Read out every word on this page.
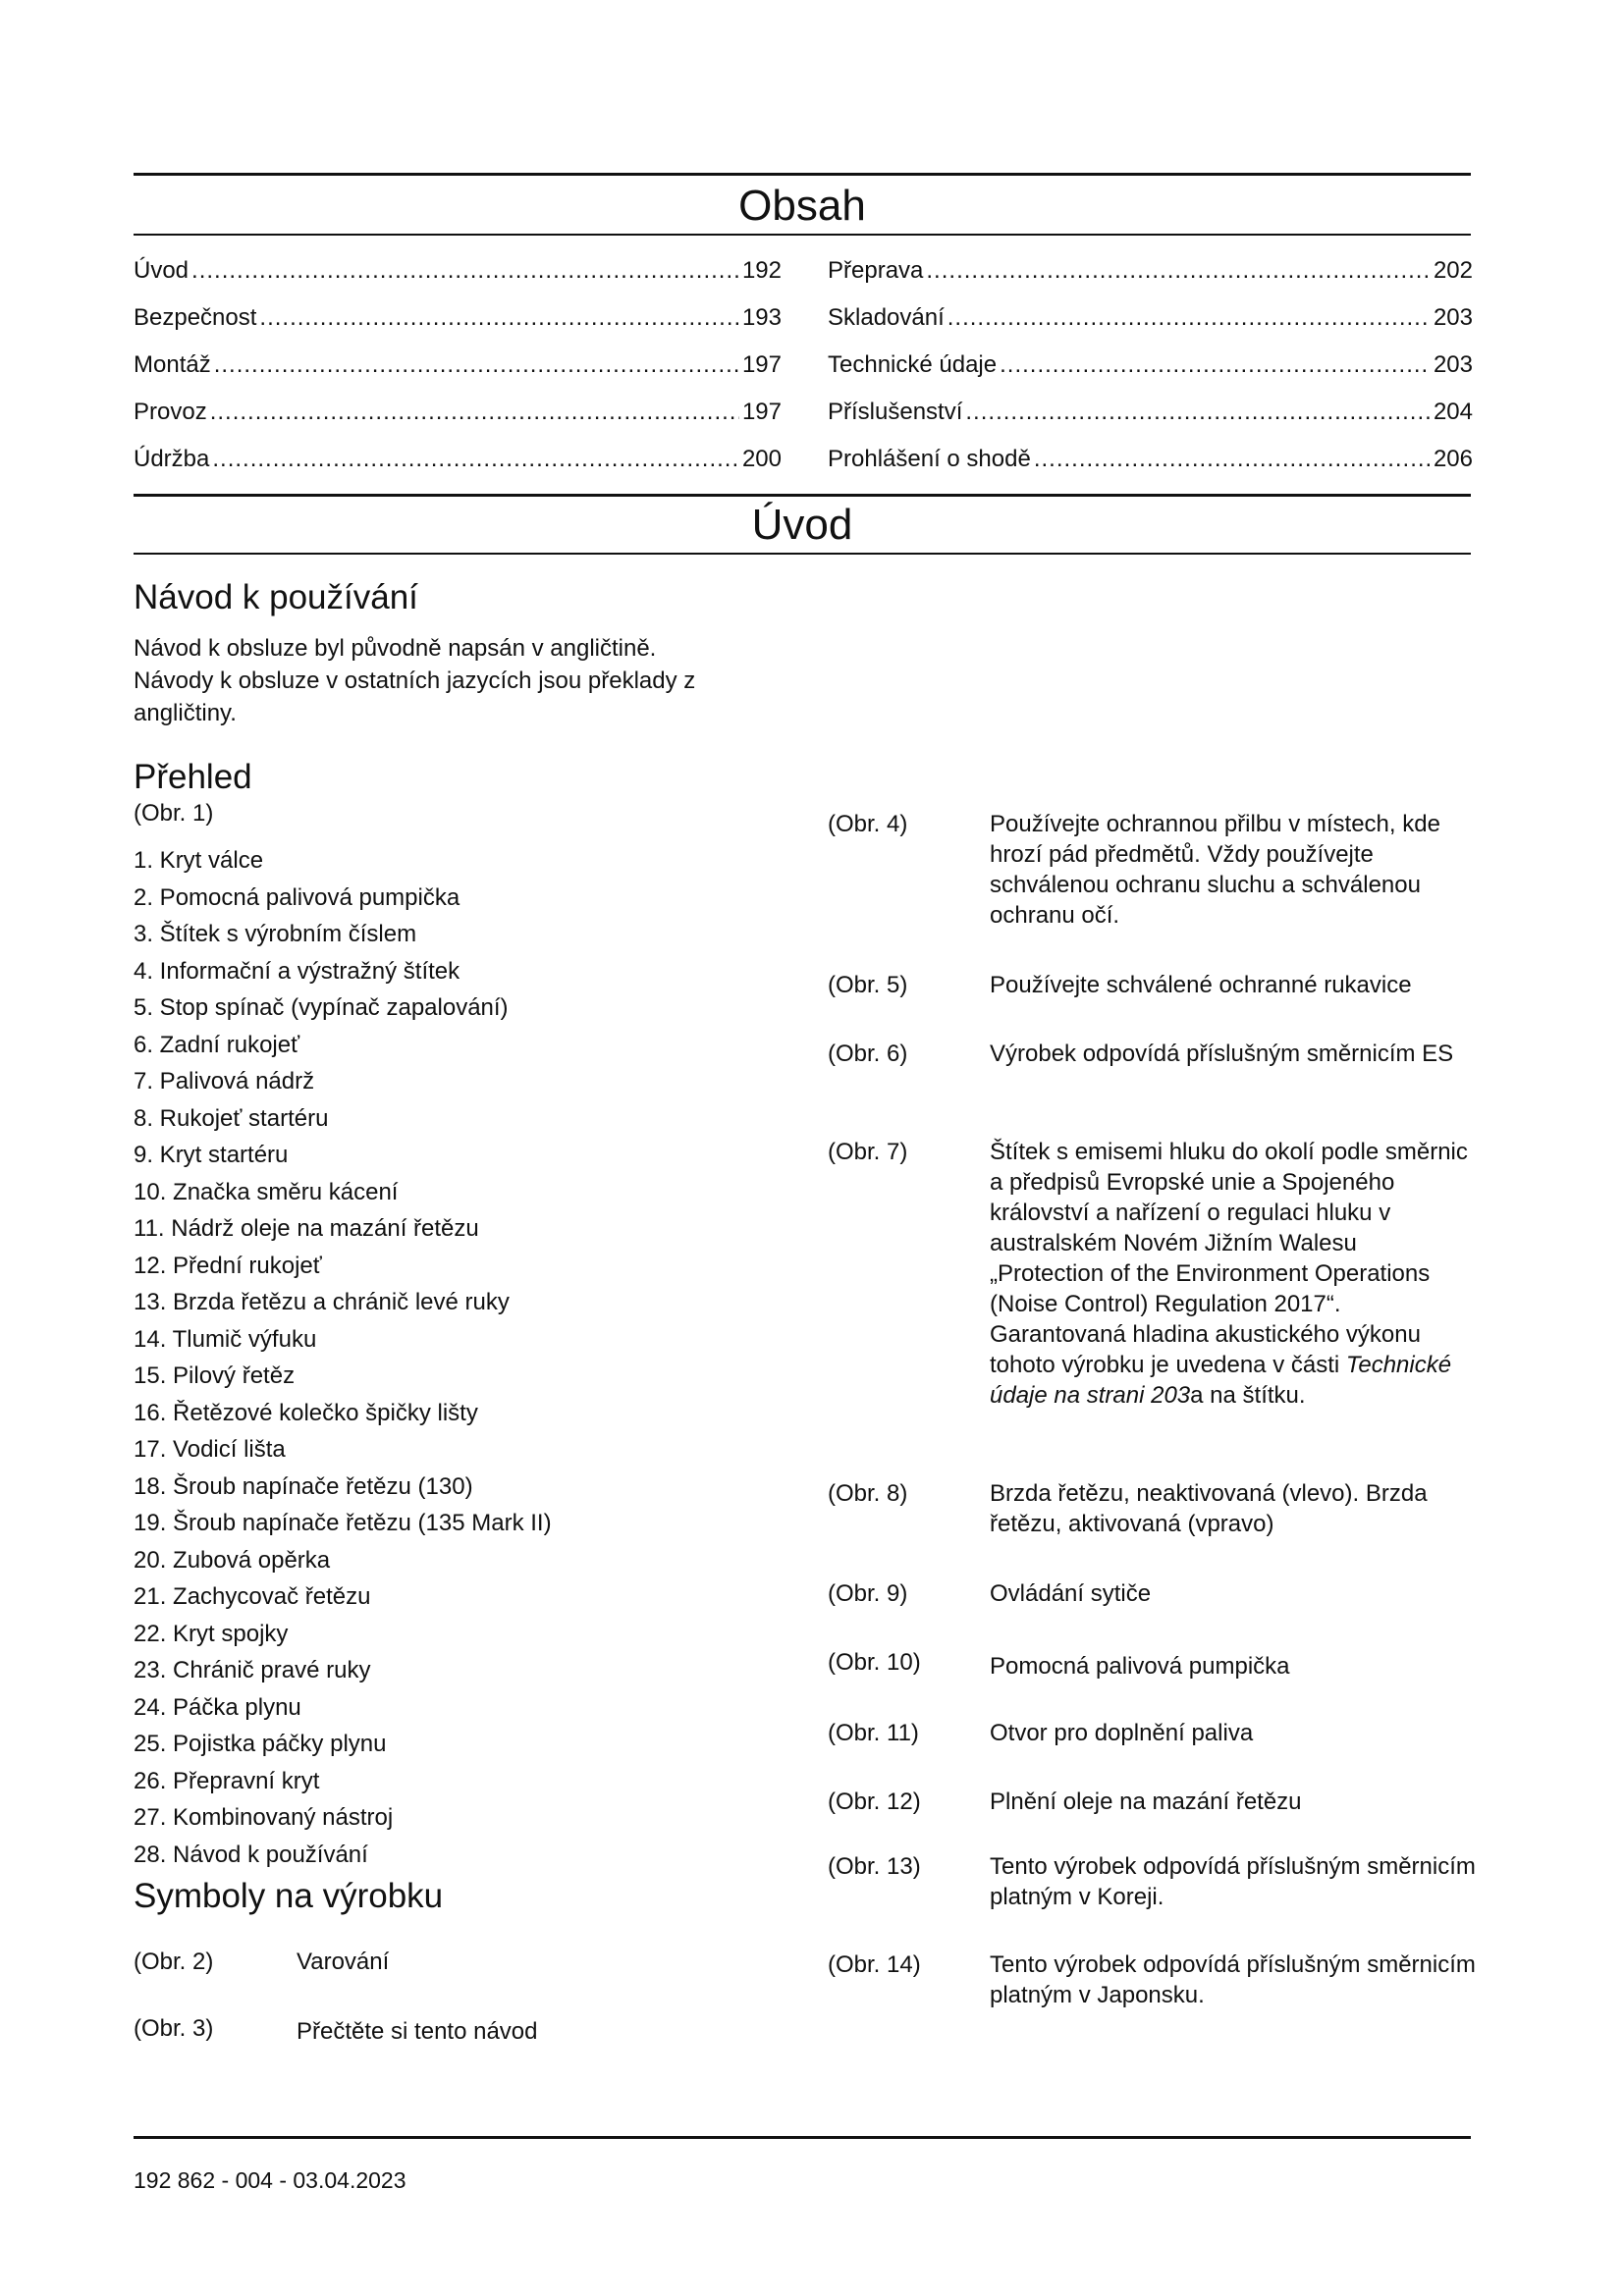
Obsah
Úvod .....	192
Bezpečnost .....	193
Montáž .....	197
Provoz .....	197
Údržba .....	200
Přeprava .....	202
Skladování .....	203
Technické údaje .....	203
Příslušenství .....	204
Prohlášení o shodě .....	206
Úvod
Návod k používání

Návod k obsluze byl původně napsán v angličtině. Návody k obsluze v ostatních jazycích jsou překlady z angličtiny.

Přehled
(Obr. 1)
1. Kryt válce
2. Pomocná palivová pumpička
3. Štítek s výrobním číslem
4. Informační a výstražný štítek
5. Stop spínač (vypínač zapalování)
6. Zadní rukojeť
7. Palivová nádrž
8. Rukojeť startéru
9. Kryt startéru
10. Značka směru kácení
11. Nádrž oleje na mazání řetězu
12. Přední rukojeť
13. Brzda řetězu a chránič levé ruky
14. Tlumič výfuku
15. Pilový řetěz
16. Řetězové kolečko špičky lišty
17. Vodicí lišta
18. Šroub napínače řetězu (130)
19. Šroub napínače řetězu (135 Mark II)
20. Zubová opěrka
21. Zachycovač řetězu
22. Kryt spojky
23. Chránič pravé ruky
24. Páčka plynu
25. Pojistka páčky plynu
26. Přepravní kryt
27. Kombinovaný nástroj
28. Návod k používání
Symboly na výrobku
(Obr. 2)	Varování
(Obr. 3)	Přečtěte si tento návod
(Obr. 4)	Používejte ochrannou přilbu v místech, kde hrozí pád předmětů. Vždy používejte schválenou ochranu sluchu a schválenou ochranu očí.
(Obr. 5)	Používejte schválené ochranné rukavice
(Obr. 6)	Výrobek odpovídá příslušným směrnicím ES
(Obr. 7)	Štítek s emisemi hluku do okolí podle směrnic a předpisů Evropské unie a Spojeného království a nařízení o regulaci hluku v australském Novém Jižním Walesu „Protection of the Environment Operations (Noise Control) Regulation 2017“. Garantovaná hladina akustického výkonu tohoto výrobku je uvedena v části Technické údaje na strani 203a na štítku.
(Obr. 8)	Brzda řetězu, neaktivovaná (vlevo). Brzda řetězu, aktivovaná (vpravo)
(Obr. 9)	Ovládání sytiče
(Obr. 10)	Pomocná palivová pumpička
(Obr. 11)	Otvor pro doplnění paliva
(Obr. 12)	Plnění oleje na mazání řetězu
(Obr. 13)	Tento výrobek odpovídá příslušným směrnicím platným v Koreji.
(Obr. 14)	Tento výrobek odpovídá příslušným směrnicím platným v Japonsku.
192 862 - 004 - 03.04.2023
